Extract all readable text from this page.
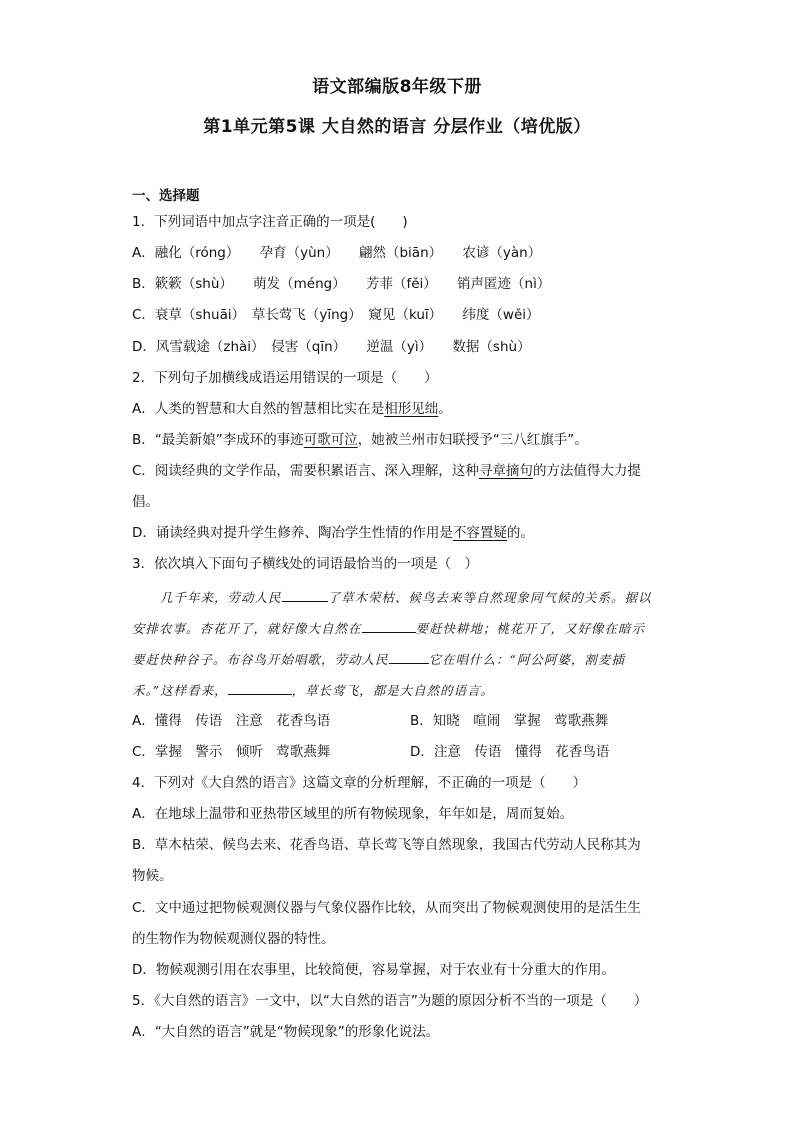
语文部编版8年级下册
第1单元第5课 大自然的语言 分层作业（培优版）
一、选择题
1．下列词语中加点字注音正确的一项是(　　)
A．融化（róng）　　孕育（yùn）　　翩然（biān）　　农谚（yàn）
B．簌簌（shù）　　萌发（méng）　　芳菲（fěi）　　销声匿迹（nì）
C．衰草（shuāi）　草长莺飞（yīng）　窥见（kuī）　　纬度（wěi）
D．风雪载途（zhài）　侵害（qīn）　　逆温（yì）　　数据（shù）
2．下列句子加横线成语运用错误的一项是（　　）
A．人类的智慧和大自然的智慧相比实在是相形见绌。
B．“最美新娘”李成环的事迹可歌可泣，她被兰州市妇联授予“三八红旗手”。
C．阅读经典的文学作品，需要积累语言、深入理解，这种寻章摘句的方法值得大力提
倡。
D．诵读经典对提升学生修养、陶冶学生性情的作用是不容置疑的。
3．依次填入下面句子横线处的词语最恰当的一项是（　）
几千年来，劳动人民	了草木荣枯、候鸟去来等自然现象同气候的关系。据以
安排农事。杏花开了，就好像大自然在	要赶快耕地；桃花开了，又好像在暗示
要赶快种谷子。布谷鸟开始唱歌，劳动人民	它在唱什么：“阿公阿婆，割麦插
禾。”这样看来，	，草长莺飞，都是大自然的语言。
A．懂得　传语　注意　花香鸟语	B．知晓　喧闹　掌握　莺歌燕舞
C．掌握　警示　倾听　莺歌燕舞	D．注意　传语　懂得　花香鸟语
4．下列对《大自然的语言》这篇文章的分析理解，不正确的一项是（　　）
A．在地球上温带和亚热带区域里的所有物候现象，年年如是，周而复始。
B．草木枯荣、候鸟去来、花香鸟语、草长莺飞等自然现象，我国古代劳动人民称其为
物候。
C．文中通过把物候观测仪器与气象仪器作比较，从而突出了物候观测使用的是活生生
的生物作为物候观测仪器的特性。
D．物候观测引用在农事里，比较简便，容易掌握，对于农业有十分重大的作用。
5．《大自然的语言》一文中，以“大自然的语言”为题的原因分析不当的一项是（　　）
A．“大自然的语言”就是“物候现象”的形象化说法。
